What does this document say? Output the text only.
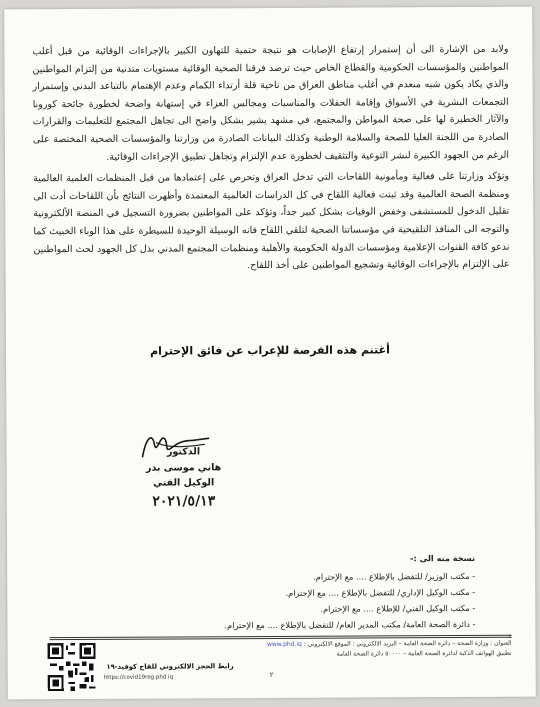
ولابد من الإشارة الى أن إستمرار إرتفاع الإصابات هو نتيجة حتمية للتهاون الكبير بالإجراءات الوقائية من قبل أغلب المواطنين والمؤسسات الحكومية والقطاع الخاص حيث ترصد فرقنا الصحية الوقائية مستويات متدنية من إلتزام المواطنين والذي يكاد يكون شبه منعدم في أغلب مناطق العراق من ناحية قلة أرتداء الكمام وعدم الإهتمام بالتباعد البدني وإستمرار التجمعات البشرية في الأسواق وإقامة الحفلات والمناسبات ومجالس العزاء في إستهانة واضحة لخطورة جائحة كورونا والآثار الخطيرة لها على صحة المواطن والمجتمع، في مشهد يشير بشكل واضح الى تجاهل المجتمع للتعليمات والقرارات الصادرة من اللجنة العليا للصحة والسلامة الوطنية وكذلك البيانات الصادرة من وزارتنا والمؤسسات الصحية المختصة على الرغم من الجهود الكبيرة لنشر التوعية والتثقيف لخطورة عدم الإلتزام وتجاهل تطبيق الإجراءات الوقائية.

وتؤكد وزارتنا على فعالية ومأمونية اللقاحات التي تدخل العراق وتحرص على إعتمادها من قبل المنظمات العلمية العالمية ومنظمة الصحة العالمية وقد ثبتت فعالية اللقاح في كل الدراسات العالمية المعتمدة وأظهرت النتائج بأن اللقاحات أدت الى تقليل الدخول للمستشفى وخفض الوفيات بشكل كبير جداً، وتؤكد على المواطنين بضرورة التسجيل في المنصة الألكترونية والتوجه الى المنافذ التلقيحية في مؤسساتنا الصحية لتلقي اللقاح فانه الوسيلة الوحيدة للسيطرة على هذا الوباء الخبيث كما ندعو كافة القنوات الإعلامية ومؤسسات الدولة الحكومية والأهلية ومنظمات المجتمع المدني بذل كل الجهود لحث المواطنين على الإلتزام بالإجراءات الوقائية وتشجيع المواطنين على أخذ اللقاح.

أغتنم هذه الفرصة للإعراب عن فائق الإحترام
الدكتور
هاني موسى بدر
الوكيل الفني
٢٠٢١/٥/١٣
نسخة منه الى :-
- مكتب الوزير/ للتفضل بالإطلاع .... مع الإحترام.
- مكتب الوكيل الإداري/ للتفضل بالإطلاع .... مع الإحترام.
- مكتب الوكيل الفني/ للإطلاع .... مع الإحترام.
- دائرة الصحة العامة/ مكتب المدير العام/ للتفضل بالإطلاع .... مع الإحترام.
العنوان : وزارة الصحة – دائرة الصحة العامة – البريد الالكتروني : الموقع الالكتروني : www.phd.iq
تطبيق الهواتف الذكية لدائرة الصحة العامة – ٥٠٠٠٠ دائرة الصحة العامة
رابط الحجز الالكتروني للقاح كوفيد-١٩
https://covid19reg.phd.iq	٢
